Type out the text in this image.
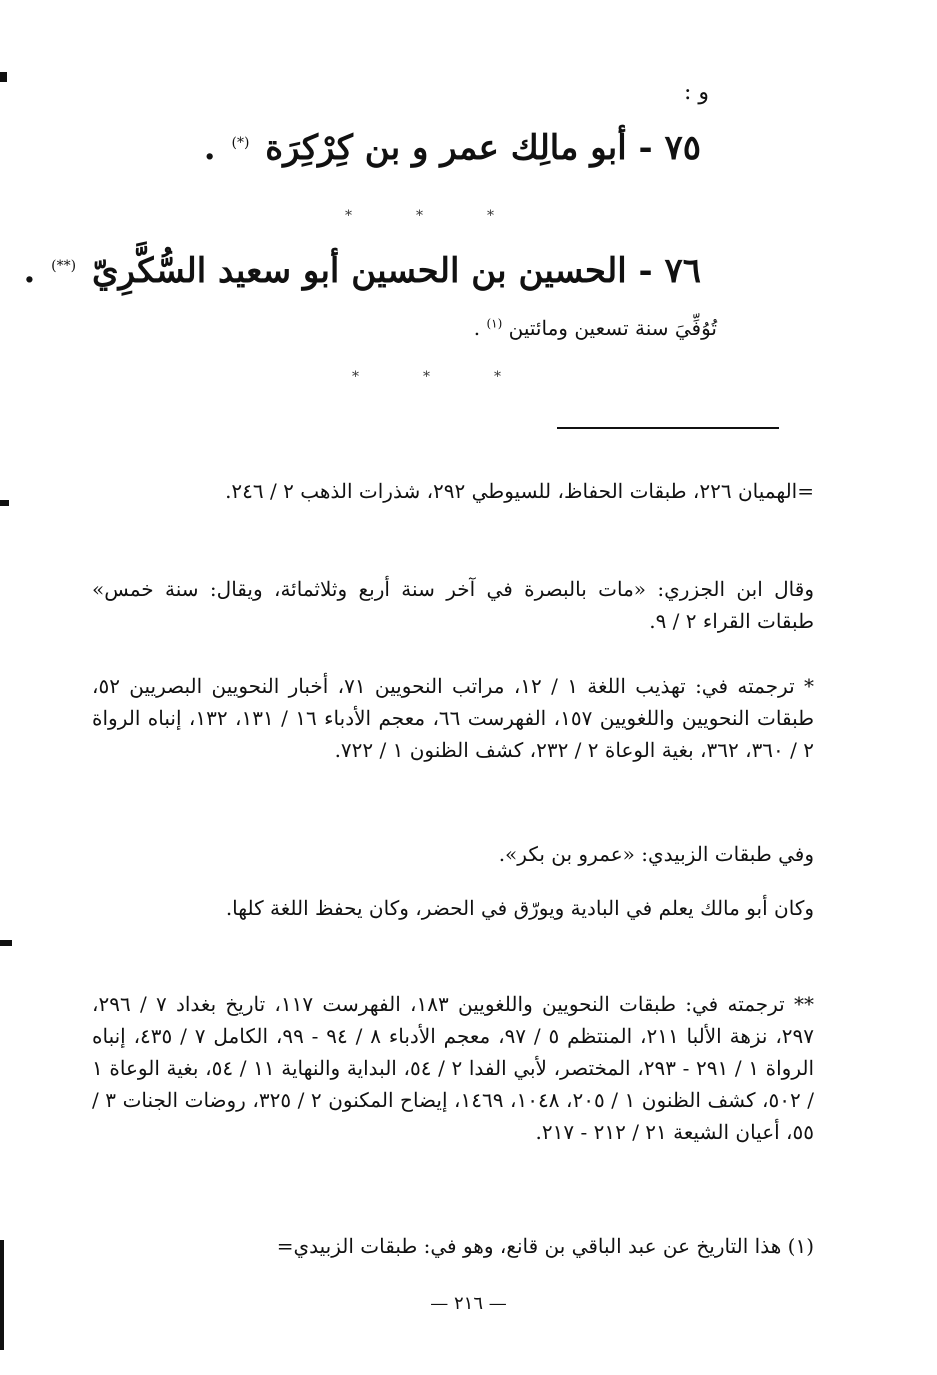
و :
٧٥ - أبو مالِك عمر و بن كِرْكِرَة (*) .
*	*	*
٧٦ - الحسين بن الحسين أبو سعيد السُّكَّرِيّ (**) .
تُوُفِّيَ سنة تسعين ومائتين $^{(١)}$ .
*	*	*

=الهميان ٢٢٦، طبقات الحفاظ، للسيوطي ٢٩٢، شذرات الذهب ٢ / ٢٤٦.

وقال ابن الجزري: «مات بالبصرة في آخر سنة أربع وثلاثمائة، ويقال: سنة خمس» طبقات القراء ٢ / ٩.

* ترجمته في: تهذيب اللغة ١ / ١٢، مراتب النحويين ٧١، أخبار النحويين البصريين ٥٢، طبقات النحويين واللغويين ١٥٧، الفهرست ٦٦، معجم الأدباء ١٦ / ١٣١، ١٣٢، إنباه الرواة ٢ / ٣٦٠، ٣٦٢، بغية الوعاة ٢ / ٢٣٢، كشف الظنون ١ / ٧٢٢.

وفي طبقات الزبيدي: «عمرو بن بكر».

وكان أبو مالك يعلم في البادية ويورّق في الحضر، وكان يحفظ اللغة كلها.

** ترجمته في: طبقات النحويين واللغويين ١٨٣، الفهرست ١١٧، تاريخ بغداد ٧ / ٢٩٦، ٢٩٧، نزهة الألبا ٢١١، المنتظم ٥ / ٩٧، معجم الأدباء ٨ / ٩٤ - ٩٩، الكامل ٧ / ٤٣٥، إنباه الرواة ١ / ٢٩١ - ٢٩٣، المختصر، لأبي الفدا ٢ / ٥٤، البداية والنهاية ١١ / ٥٤، بغية الوعاة ١ / ٥٠٢، كشف الظنون ١ / ٢٠٥، ١٠٤٨، ١٤٦٩، إيضاح المكنون ٢ / ٣٢٥، روضات الجنات ٣ / ٥٥، أعيان الشيعة ٢١ / ٢١٢ - ٢١٧.

(١) هذا التاريخ عن عبد الباقي بن قانع، وهو في: طبقات الزبيدي=

— ٢١٦ —
